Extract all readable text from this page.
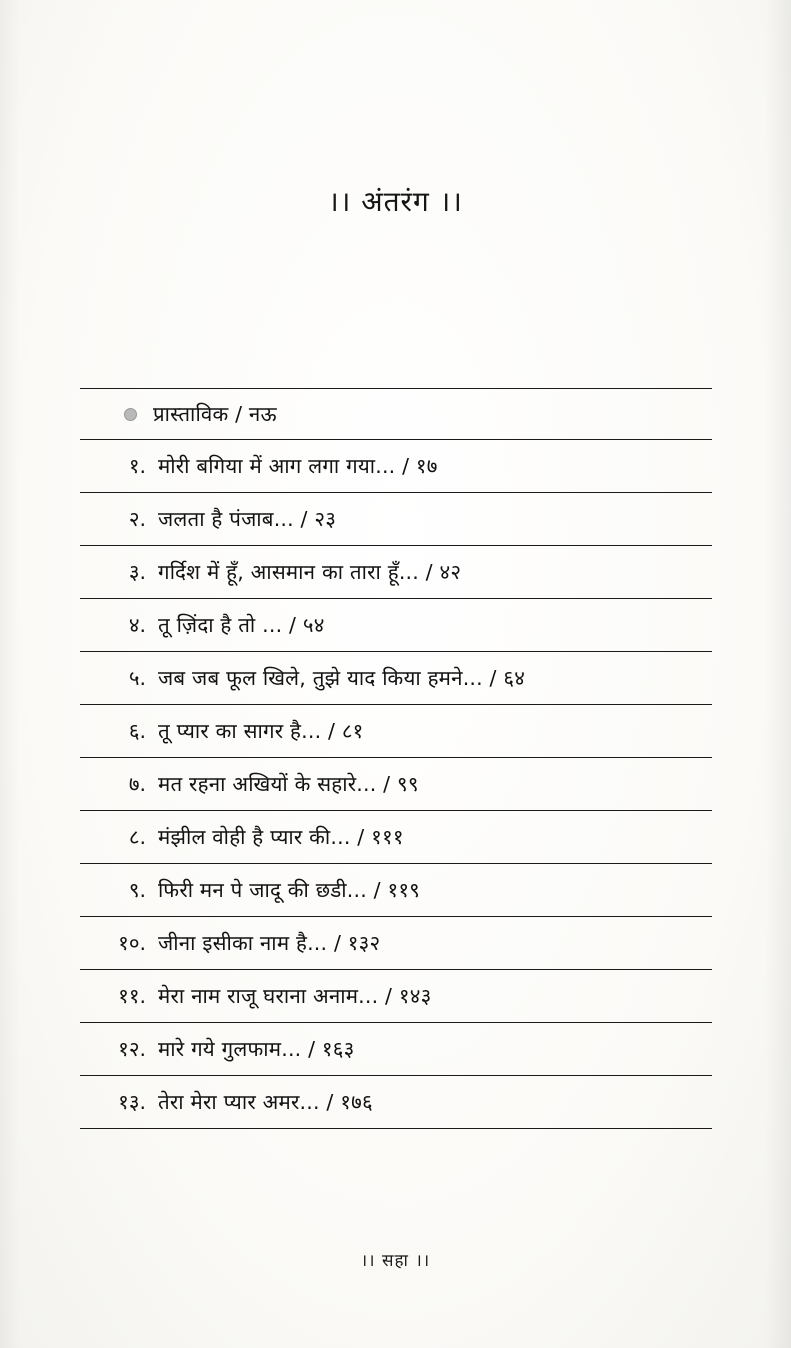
।। अंतरंग ।।
प्रास्ताविक / नऊ
१. मोरी बगिया में आग लगा गया... / १७
२. जलता है पंजाब... / २३
३. गर्दिश में हूँ, आसमान का तारा हूँ... / ४२
४. तू ज़िंदा है तो ... / ५४
५. जब जब फूल खिले, तुझे याद किया हमने... / ६४
६. तू प्यार का सागर है... / ८१
७. मत रहना अखियों के सहारे... / ९९
८. मंझील वोही है प्यार की... / १११
९. फिरी मन पे जादू की छडी... / ११९
१०. जीना इसीका नाम है... / १३२
११. मेरा नाम राजू घराना अनाम... / १४३
१२. मारे गये गुलफाम... / १६३
१३. तेरा मेरा प्यार अमर... / १७६
।। सहा ।।
